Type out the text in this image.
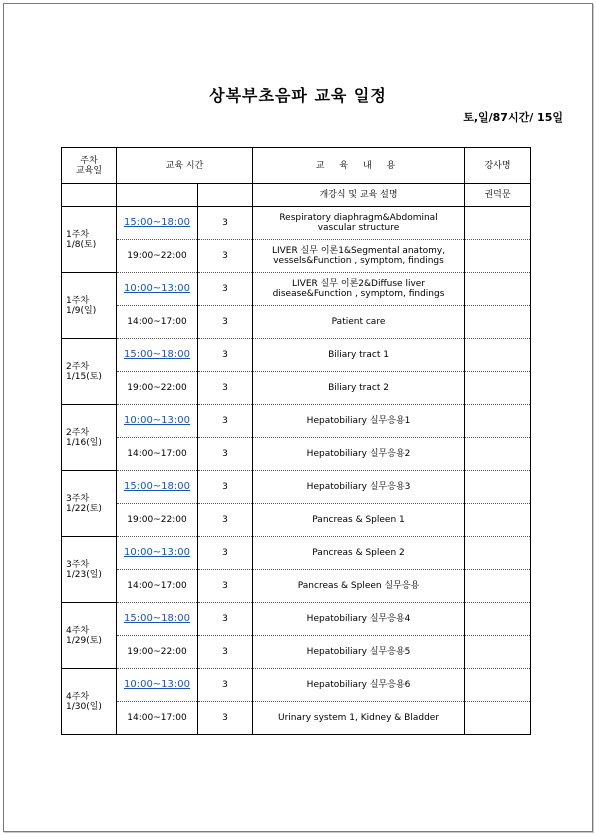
상복부초음파 교육 일정
토,일/87시간/ 15일
주차
교육일	교육 시간		교 육 내 용	강사명
			개강식 및 교육 설명	권덕문
1주차
1/8(토)	15:00~18:00	3	Respiratory diaphragm&Abdominal
vascular structure	
	19:00~22:00	3	LIVER 실무 이론1&Segmental anatomy,
vessels&Function , symptom, findings	
1주차
1/9(일)	10:00~13:00	3	LIVER 실무 이론2&Diffuse liver
disease&Function , symptom, findings	
	14:00~17:00	3	Patient care	
2주차
1/15(토)	15:00~18:00	3	Biliary tract 1	
	19:00~22:00	3	Biliary tract 2	
2주차
1/16(일)	10:00~13:00	3	Hepatobiliary 실무응용1	
	14:00~17:00	3	Hepatobiliary 실무응용2	
3주차
1/22(토)	15:00~18:00	3	Hepatobiliary 실무응용3	
	19:00~22:00	3	Pancreas & Spleen 1	
3주차
1/23(일)	10:00~13:00	3	Pancreas & Spleen 2	
	14:00~17:00	3	Pancreas & Spleen 실무응용	
4주차
1/29(토)	15:00~18:00	3	Hepatobiliary 실무응용4	
	19:00~22:00	3	Hepatobiliary 실무응용5	
4주차
1/30(일)	10:00~13:00	3	Hepatobiliary 실무응용6	
	14:00~17:00	3	Urinary system 1, Kidney & Bladder	
